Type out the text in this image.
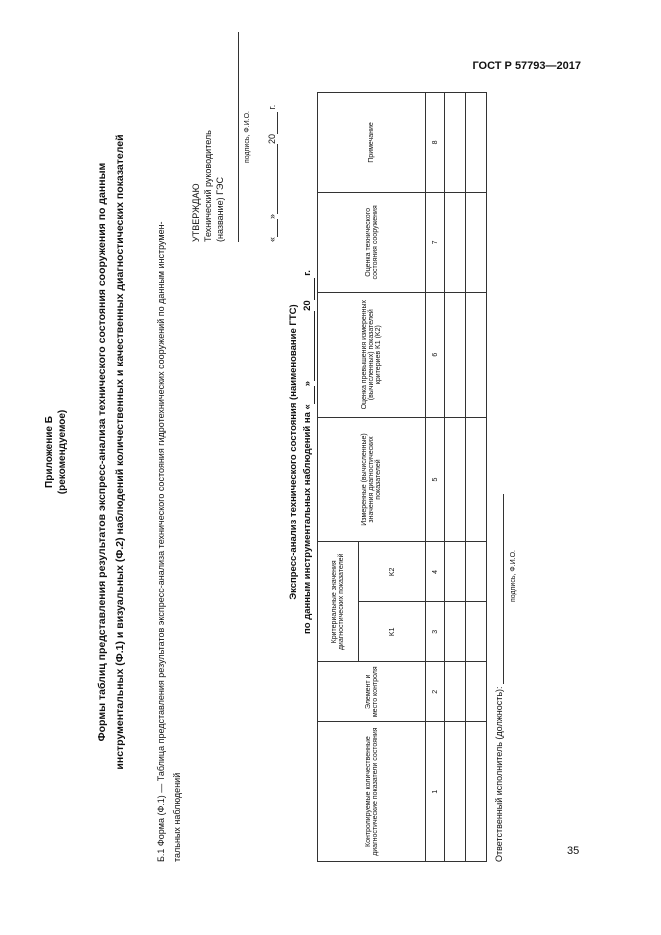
ГОСТ Р 57793—2017
35
Приложение Б (рекомендуемое)	Формы таблиц представления результатов экспресс-анализа технического состояния сооружения по данным инструментальных (Ф.1) и визуальных (Ф.2) наблюдений количественных и качественных диагностических показателей	Б.1 Форма (Ф.1) — Таблица представления результатов экспресс-анализа технического состояния гидротехнических сооружений по данным инструмен- тальных наблюдений
УТВЕРЖДАЮ Технический руководитель (название) ГЭС
подпись, Ф.И.О.
«»20 г.
Экспресс-анализ технического состояния (наименование ГТС) по данным инструментальных наблюдений на «»20 г.
Контролируемые количественные диагностические показатели состояния	Элемент и место контроля	Критериальные значения диагностических показателей		Измеренные (вычисленные) значения диагностических показателей	Оценка превышения измеренных (вычисленных) показателей критериев K1 (K2)	Оценка технического состояния сооружения	Примечание
		K1	K2				
1	2	3	4	5	6	7	8

Ответственный исполнитель (должность):
подпись, Ф.И.О.
